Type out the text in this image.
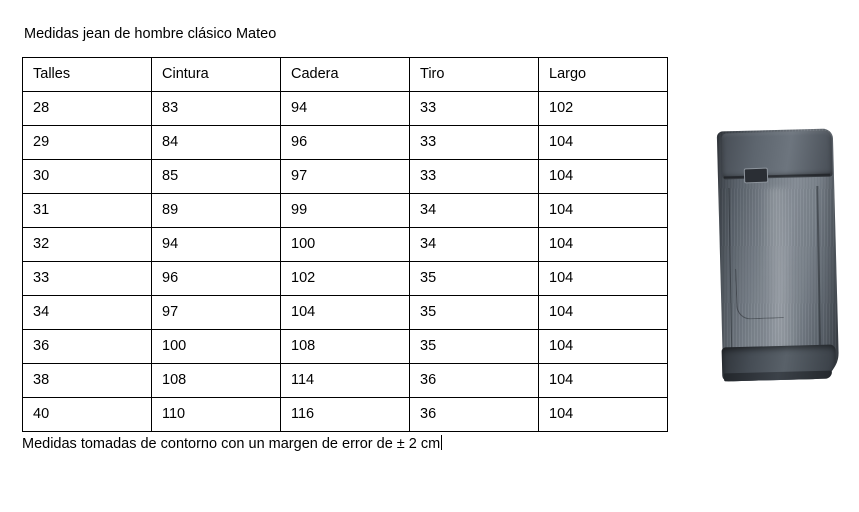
Medidas jean de hombre clásico Mateo
Talles	Cintura	Cadera	Tiro	Largo
28	83	94	33	102
29	84	96	33	104
30	85	97	33	104
31	89	99	34	104
32	94	100	34	104
33	96	102	35	104
34	97	104	35	104
36	100	108	35	104
38	108	114	36	104
40	110	116	36	104
Medidas tomadas de contorno con un margen de error de ± 2 cm
